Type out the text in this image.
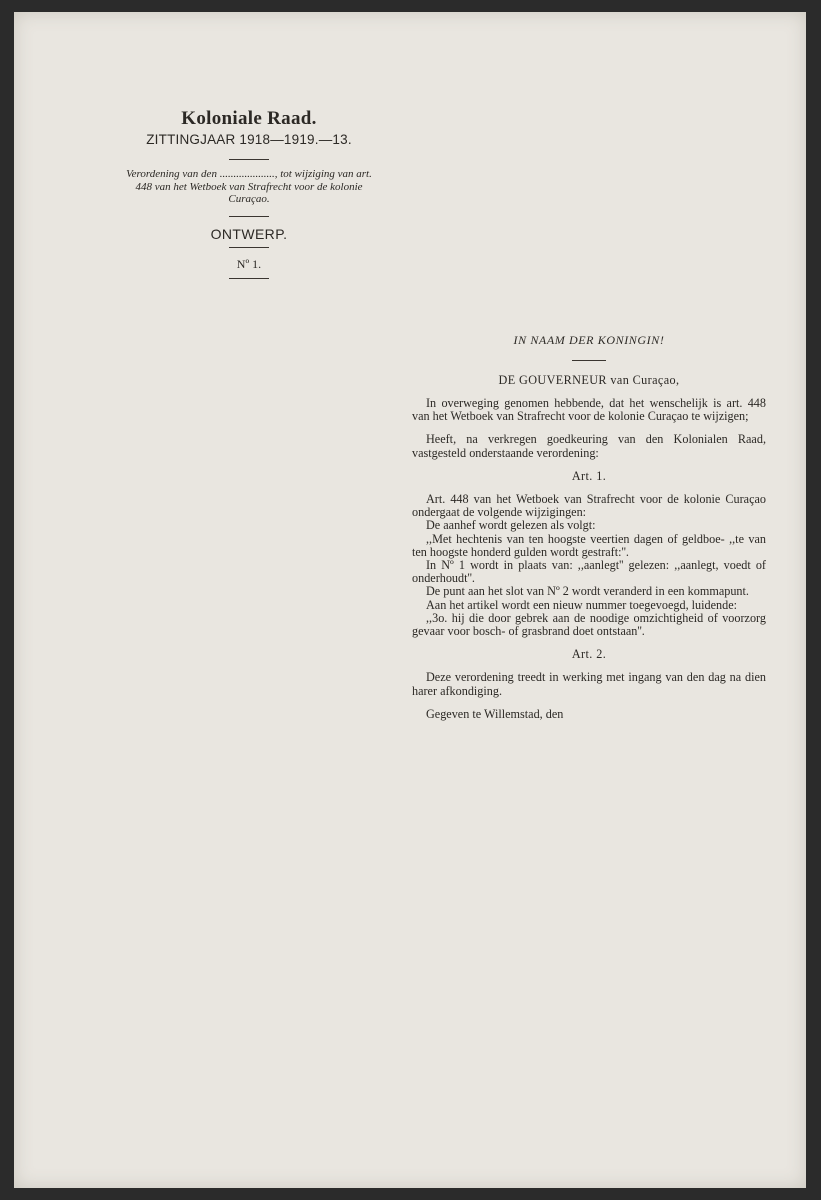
Koloniale Raad.
ZITTINGJAAR 1918—1919.—13.
Verordening van den ...................., tot wijziging van art. 448 van het Wetboek van Strafrecht voor de kolonie Curaçao.
ONTWERP.
Nº 1.
IN NAAM DER KONINGIN!
DE GOUVERNEUR van Curaçao,

In overweging genomen hebbende, dat het wenschelijk is art. 448 van het Wetboek van Strafrecht voor de kolonie Curaçao te wijzigen;

Heeft, na verkregen goedkeuring van den Kolonialen Raad, vastgesteld onderstaande verordening:

Art. 1.
Art. 448 van het Wetboek van Strafrecht voor de kolonie Curaçao ondergaat de volgende wijzigingen:
De aanhef wordt gelezen als volgt:
,,Met hechtenis van ten hoogste veertien dagen of geldboe- ,,te van ten hoogste honderd gulden wordt gestraft:''.
In Nº 1 wordt in plaats van: ,,aanlegt'' gelezen: ,,aanlegt, voedt of onderhoudt''.
De punt aan het slot van Nº 2 wordt veranderd in een kommapunt.
Aan het artikel wordt een nieuw nummer toegevoegd, luidende:
,,3o. hij die door gebrek aan de noodige omzichtigheid of voorzorg gevaar voor bosch- of grasbrand doet ontstaan''.
Art. 2.

Deze verordening treedt in werking met ingang van den dag na dien harer afkondiging.

Gegeven te Willemstad, den
